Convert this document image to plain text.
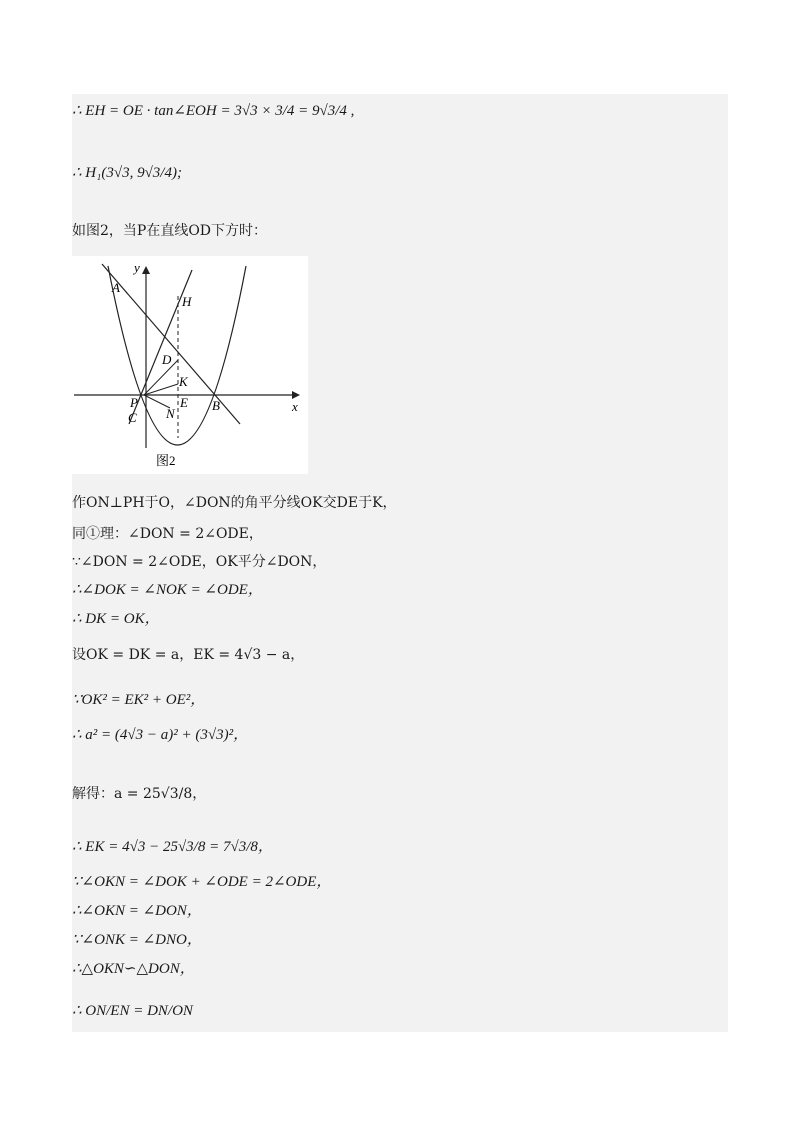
∴ EH = OE · tan∠EOH = 3√3 × 3/4 = 9√3/4 ,
∴ H₁(3√3, 9√3/4);
如图2，当P在直线OD下方时：
A
y
H
D
K
P	E B	x
C N
图2
作ON⊥PH于O，∠DON的角平分线OK交DE于K，
同①理：∠DON = 2∠ODE，
∵∠DON = 2∠ODE，OK平分∠DON，
∴∠DOK = ∠NOK = ∠ODE，
∴ DK = OK，
设OK = DK = a，EK = 4√3 − a，
∵OK² = EK² + OE²，
∴ a² = (4√3 − a)² + (3√3)²，
解得：a = 25√3/8，
∴ EK = 4√3 − 25√3/8 = 7√3/8，
∵∠OKN = ∠DOK + ∠ODE = 2∠ODE，
∴∠OKN = ∠DON，
∵∠ONK = ∠DNO，
∴△OKN∽△DON，
∴ ON/EN = DN/ON
